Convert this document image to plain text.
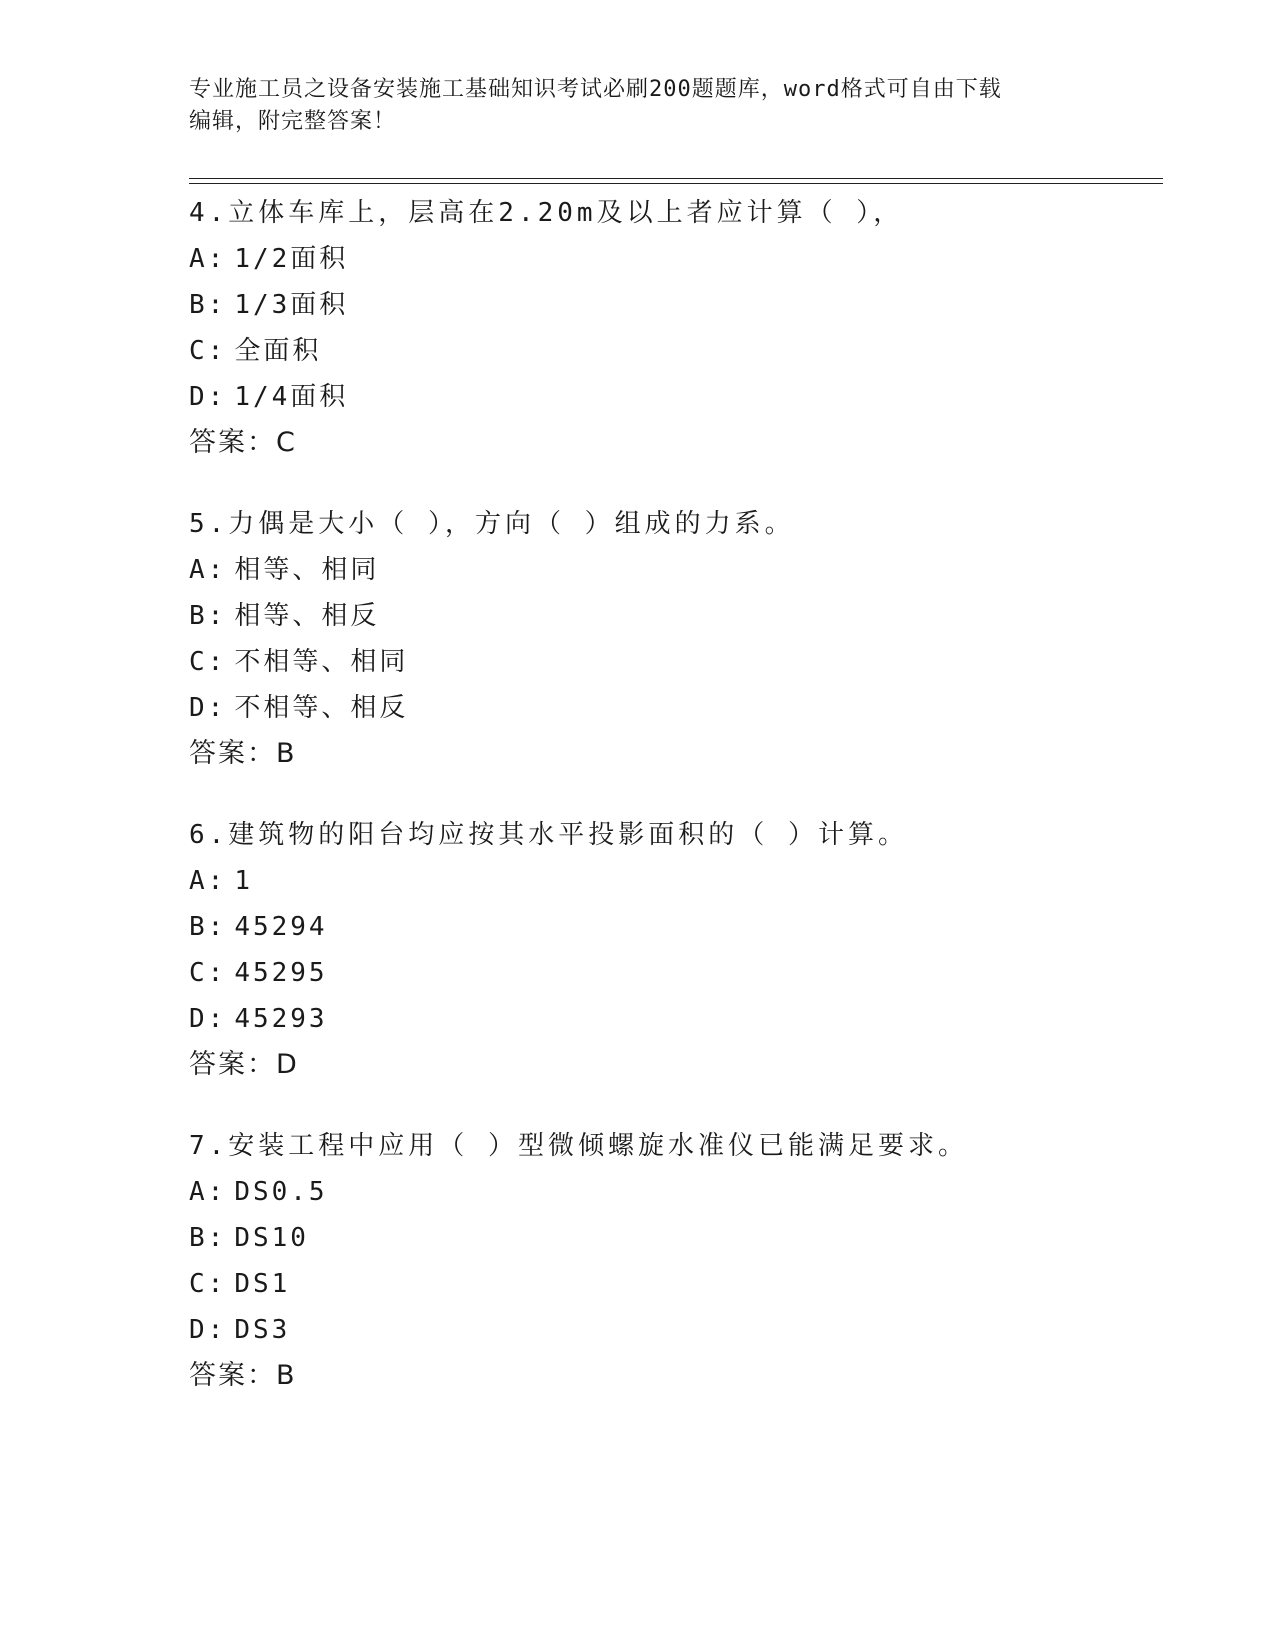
专业施工员之设备安装施工基础知识考试必刷200题题库，word格式可自由下载
编辑，附完整答案！
4.立体车库上，层高在2.20m及以上者应计算（ ），
A: 1/2面积
B: 1/3面积
C: 全面积
D: 1/4面积
答案：C
5.力偶是大小（ ），方向（ ）组成的力系。
A: 相等、相同
B: 相等、相反
C: 不相等、相同
D: 不相等、相反
答案：B
6.建筑物的阳台均应按其水平投影面积的（ ）计算。
A: 1
B: 45294
C: 45295
D: 45293
答案：D
7.安装工程中应用（ ）型微倾螺旋水准仪已能满足要求。
A: DS0.5
B: DS10
C: DS1
D: DS3
答案：B
